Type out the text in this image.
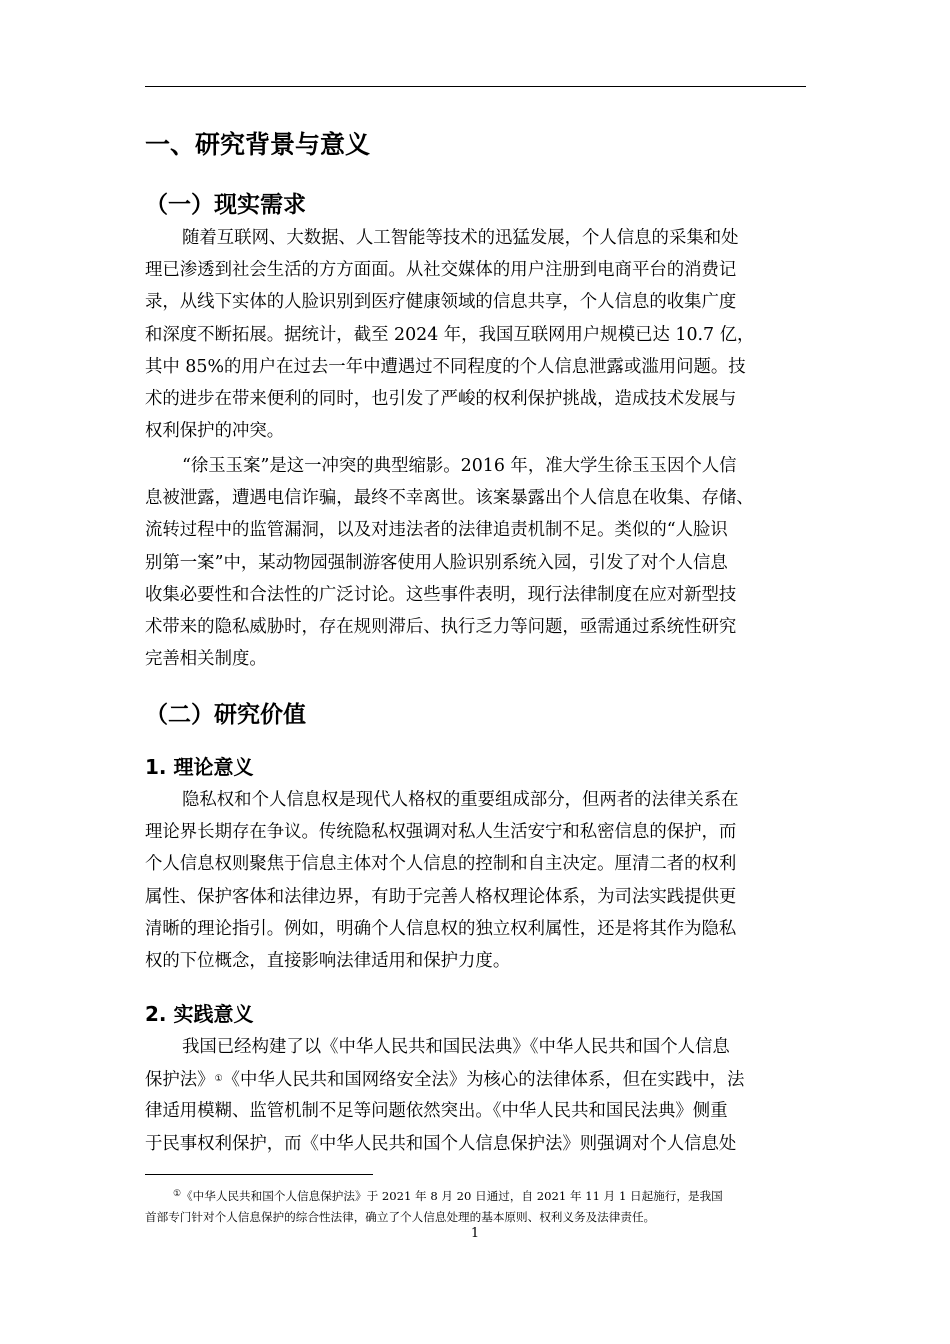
一、研究背景与意义
（一）现实需求
随着互联网、大数据、人工智能等技术的迅猛发展，个人信息的采集和处
理已渗透到社会生活的方方面面。从社交媒体的用户注册到电商平台的消费记
录，从线下实体的人脸识别到医疗健康领域的信息共享，个人信息的收集广度
和深度不断拓展。据统计，截至 2024 年，我国互联网用户规模已达 10.7 亿，
其中 85%的用户在过去一年中遭遇过不同程度的个人信息泄露或滥用问题。技
术的进步在带来便利的同时，也引发了严峻的权利保护挑战，造成技术发展与
权利保护的冲突。
“徐玉玉案”是这一冲突的典型缩影。2016 年，准大学生徐玉玉因个人信
息被泄露，遭遇电信诈骗，最终不幸离世。该案暴露出个人信息在收集、存储、
流转过程中的监管漏洞，以及对违法者的法律追责机制不足。类似的“人脸识
别第一案”中，某动物园强制游客使用人脸识别系统入园，引发了对个人信息
收集必要性和合法性的广泛讨论。这些事件表明，现行法律制度在应对新型技
术带来的隐私威胁时，存在规则滞后、执行乏力等问题，亟需通过系统性研究
完善相关制度。
（二）研究价值
1. 理论意义
隐私权和个人信息权是现代人格权的重要组成部分，但两者的法律关系在
理论界长期存在争议。传统隐私权强调对私人生活安宁和私密信息的保护，而
个人信息权则聚焦于信息主体对个人信息的控制和自主决定。厘清二者的权利
属性、保护客体和法律边界，有助于完善人格权理论体系，为司法实践提供更
清晰的理论指引。例如，明确个人信息权的独立权利属性，还是将其作为隐私
权的下位概念，直接影响法律适用和保护力度。
2. 实践意义
我国已经构建了以《中华人民共和国民法典》《中华人民共和国个人信息
保护法》①《中华人民共和国网络安全法》为核心的法律体系，但在实践中，法
律适用模糊、监管机制不足等问题依然突出。《中华人民共和国民法典》侧重
于民事权利保护，而《中华人民共和国个人信息保护法》则强调对个人信息处
①《中华人民共和国个人信息保护法》于 2021 年 8 月 20 日通过，自 2021 年 11 月 1 日起施行，是我国
首部专门针对个人信息保护的综合性法律，确立了个人信息处理的基本原则、权利义务及法律责任。
1
